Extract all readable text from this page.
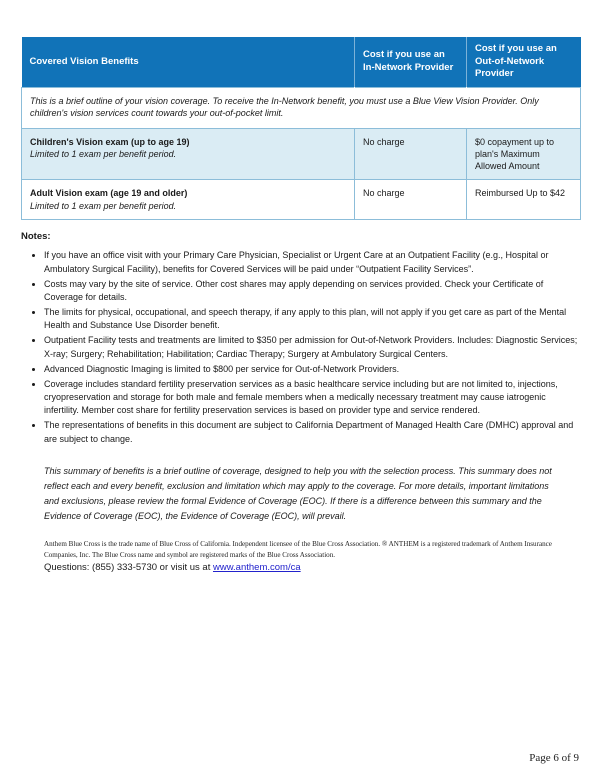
Covered Vision Benefits	Cost if you use an In-Network Provider	Cost if you use an Out-of-Network Provider
This is a brief outline of your vision coverage. To receive the In-Network benefit, you must use a Blue View Vision Provider. Only children's vision services count towards your out-of-pocket limit.		

Children's Vision exam (up to age 19)
Limited to 1 exam per benefit period.	No charge	$0 copayment up to plan's Maximum Allowed Amount

Adult Vision exam (age 19 and older)
Limited to 1 exam per benefit period.	No charge	Reimbursed Up to $42
Notes:
• If you have an office visit with your Primary Care Physician, Specialist or Urgent Care at an Outpatient Facility (e.g., Hospital or Ambulatory Surgical Facility), benefits for Covered Services will be paid under “Outpatient Facility Services”.
• Costs may vary by the site of service. Other cost shares may apply depending on services provided. Check your Certificate of Coverage for details.
• The limits for physical, occupational, and speech therapy, if any apply to this plan, will not apply if you get care as part of the Mental Health and Substance Use Disorder benefit.
• Outpatient Facility tests and treatments are limited to $350 per admission for Out-of-Network Providers. Includes: Diagnostic Services; X-ray; Surgery; Rehabilitation; Habilitation; Cardiac Therapy; Surgery at Ambulatory Surgical Centers.
• Advanced Diagnostic Imaging is limited to $800 per service for Out-of-Network Providers.
• Coverage includes standard fertility preservation services as a basic healthcare service including but are not limited to, injections, cryopreservation and storage for both male and female members when a medically necessary treatment may cause iatrogenic infertility. Member cost share for fertility preservation services is based on provider type and service rendered.
• The representations of benefits in this document are subject to California Department of Managed Health Care (DMHC) approval and are subject to change.

This summary of benefits is a brief outline of coverage, designed to help you with the selection process. This summary does not reflect each and every benefit, exclusion and limitation which may apply to the coverage. For more details, important limitations and exclusions, please review the formal Evidence of Coverage (EOC). If there is a difference between this summary and the Evidence of Coverage (EOC), the Evidence of Coverage (EOC), will prevail.

Anthem Blue Cross is the trade name of Blue Cross of California. Independent licensee of the Blue Cross Association. ® ANTHEM is a registered trademark of Anthem Insurance Companies, Inc. The Blue Cross name and symbol are registered marks of the Blue Cross Association.

Questions: (855) 333-5730 or visit us at www.anthem.com/ca

Page 6 of 9
